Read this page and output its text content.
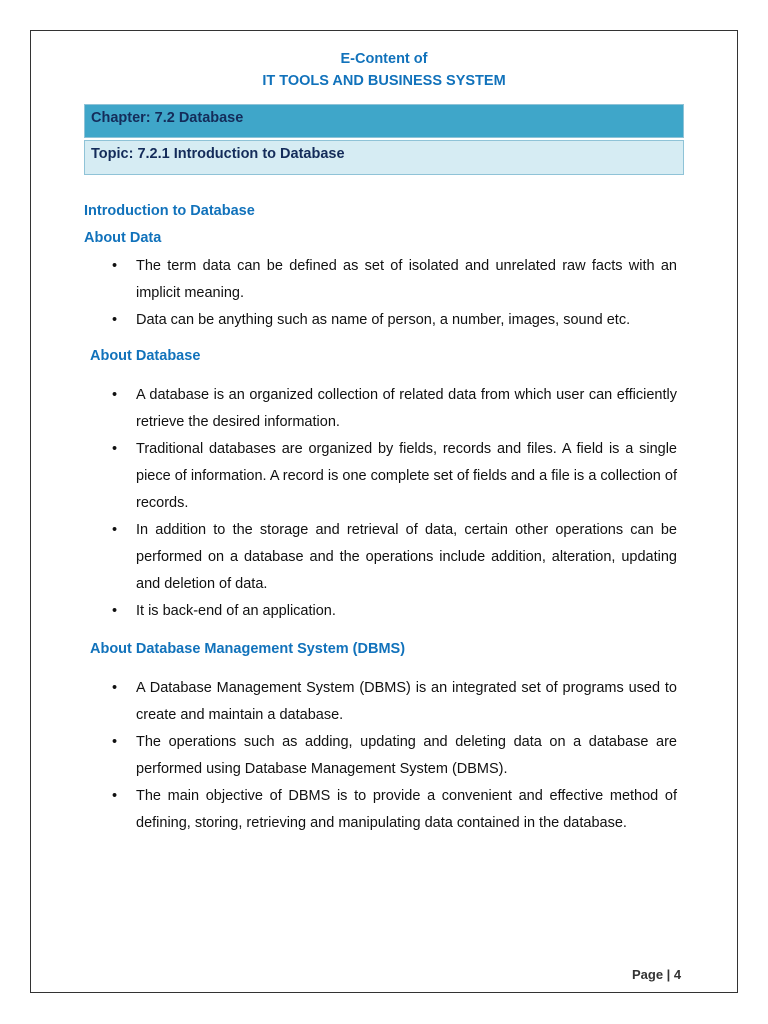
E-Content of
IT TOOLS AND BUSINESS SYSTEM
Chapter: 7.2 Database
Topic: 7.2.1 Introduction to Database
Introduction to Database
About Data
• The term data can be defined as set of isolated and unrelated raw facts with an implicit meaning.
• Data can be anything such as name of person, a number, images, sound etc.
About Database
• A database is an organized collection of related data from which user can efficiently retrieve the desired information.
• Traditional databases are organized by fields, records and files. A field is a single piece of information. A record is one complete set of fields and a file is a collection of records.
• In addition to the storage and retrieval of data, certain other operations can be performed on a database and the operations include addition, alteration, updating and deletion of data.
• It is back-end of an application.
About Database Management System (DBMS)
• A Database Management System (DBMS) is an integrated set of programs used to create and maintain a database.
• The operations such as adding, updating and deleting data on a database are performed using Database Management System (DBMS).
• The main objective of DBMS is to provide a convenient and effective method of defining, storing, retrieving and manipulating data contained in the database.
Page | 4
